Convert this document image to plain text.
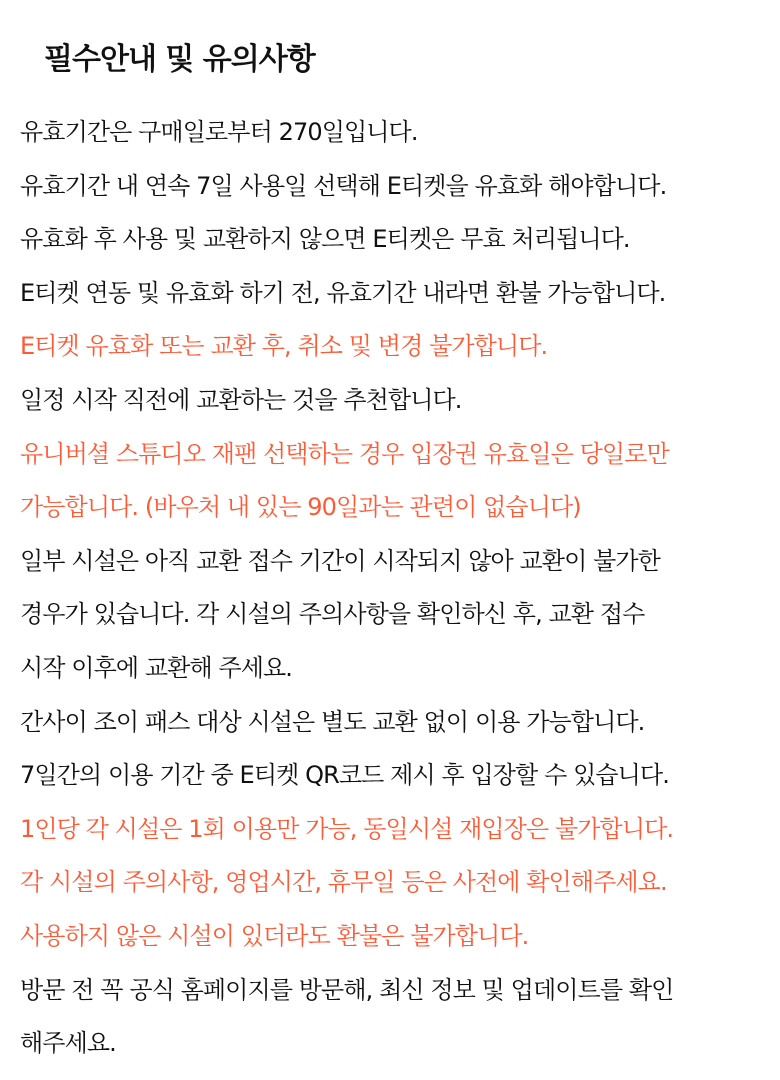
필수안내 및 유의사항
유효기간은 구매일로부터 270일입니다.
유효기간 내 연속 7일 사용일 선택해 E티켓을 유효화 해야합니다.
유효화 후 사용 및 교환하지 않으면 E티켓은 무효 처리됩니다.
E티켓 연동 및 유효화 하기 전, 유효기간 내라면 환불 가능합니다.
E티켓 유효화 또는 교환 후, 취소 및 변경 불가합니다.
일정 시작 직전에 교환하는 것을 추천합니다.
유니버셜 스튜디오 재팬 선택하는 경우 입장권 유효일은 당일로만
가능합니다. (바우처 내 있는 90일과는 관련이 없습니다)
일부 시설은 아직 교환 접수 기간이 시작되지 않아 교환이 불가한
경우가 있습니다. 각 시설의 주의사항을 확인하신 후, 교환 접수
시작 이후에 교환해 주세요.
간사이 조이 패스 대상 시설은 별도 교환 없이 이용 가능합니다.
7일간의 이용 기간 중 E티켓 QR코드 제시 후 입장할 수 있습니다.
1인당 각 시설은 1회 이용만 가능, 동일시설 재입장은 불가합니다.
각 시설의 주의사항, 영업시간, 휴무일 등은 사전에 확인해주세요.
사용하지 않은 시설이 있더라도 환불은 불가합니다.
방문 전 꼭 공식 홈페이지를 방문해, 최신 정보 및 업데이트를 확인
해주세요.
